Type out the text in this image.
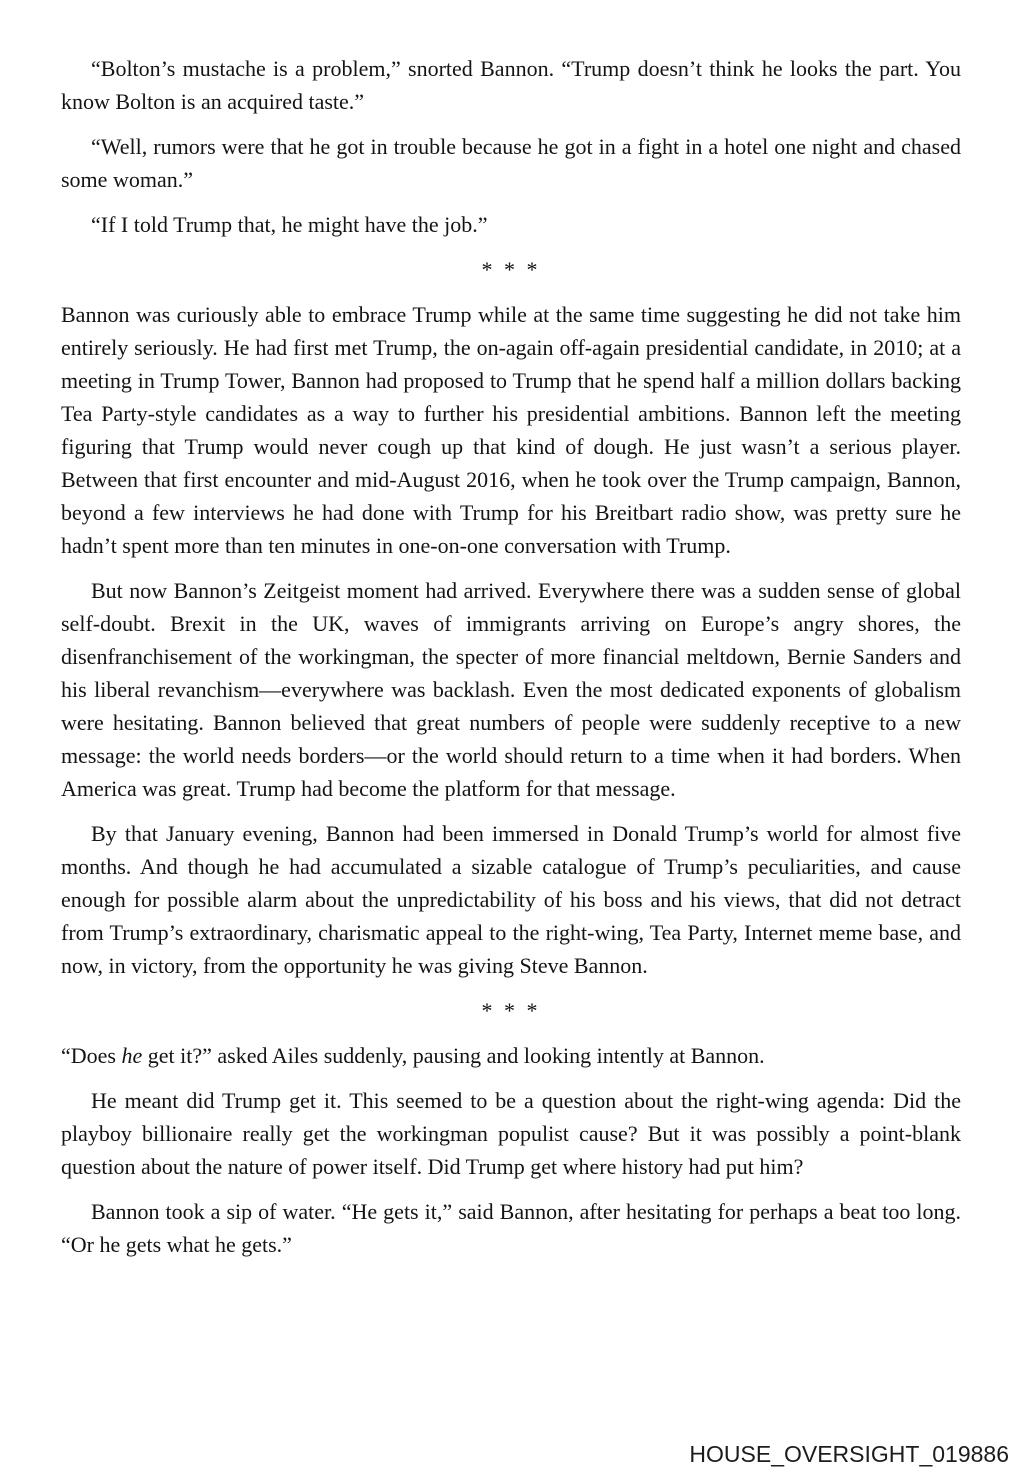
“Bolton’s mustache is a problem,” snorted Bannon. “Trump doesn’t think he looks the part. You know Bolton is an acquired taste.”

“Well, rumors were that he got in trouble because he got in a fight in a hotel one night and chased some woman.”

“If I told Trump that, he might have the job.”

* * *

Bannon was curiously able to embrace Trump while at the same time suggesting he did not take him entirely seriously. He had first met Trump, the on-again off-again presidential candidate, in 2010; at a meeting in Trump Tower, Bannon had proposed to Trump that he spend half a million dollars backing Tea Party-style candidates as a way to further his presidential ambitions. Bannon left the meeting figuring that Trump would never cough up that kind of dough. He just wasn’t a serious player. Between that first encounter and mid-August 2016, when he took over the Trump campaign, Bannon, beyond a few interviews he had done with Trump for his Breitbart radio show, was pretty sure he hadn’t spent more than ten minutes in one-on-one conversation with Trump.

But now Bannon’s Zeitgeist moment had arrived. Everywhere there was a sudden sense of global self-doubt. Brexit in the UK, waves of immigrants arriving on Europe’s angry shores, the disenfranchisement of the workingman, the specter of more financial meltdown, Bernie Sanders and his liberal revanchism—everywhere was backlash. Even the most dedicated exponents of globalism were hesitating. Bannon believed that great numbers of people were suddenly receptive to a new message: the world needs borders—or the world should return to a time when it had borders. When America was great. Trump had become the platform for that message.

By that January evening, Bannon had been immersed in Donald Trump’s world for almost five months. And though he had accumulated a sizable catalogue of Trump’s peculiarities, and cause enough for possible alarm about the unpredictability of his boss and his views, that did not detract from Trump’s extraordinary, charismatic appeal to the right-wing, Tea Party, Internet meme base, and now, in victory, from the opportunity he was giving Steve Bannon.

* * *

“Does he get it?” asked Ailes suddenly, pausing and looking intently at Bannon.

He meant did Trump get it. This seemed to be a question about the right-wing agenda: Did the playboy billionaire really get the workingman populist cause? But it was possibly a point-blank question about the nature of power itself. Did Trump get where history had put him?

Bannon took a sip of water. “He gets it,” said Bannon, after hesitating for perhaps a beat too long. “Or he gets what he gets.”

HOUSE_OVERSIGHT_019886
